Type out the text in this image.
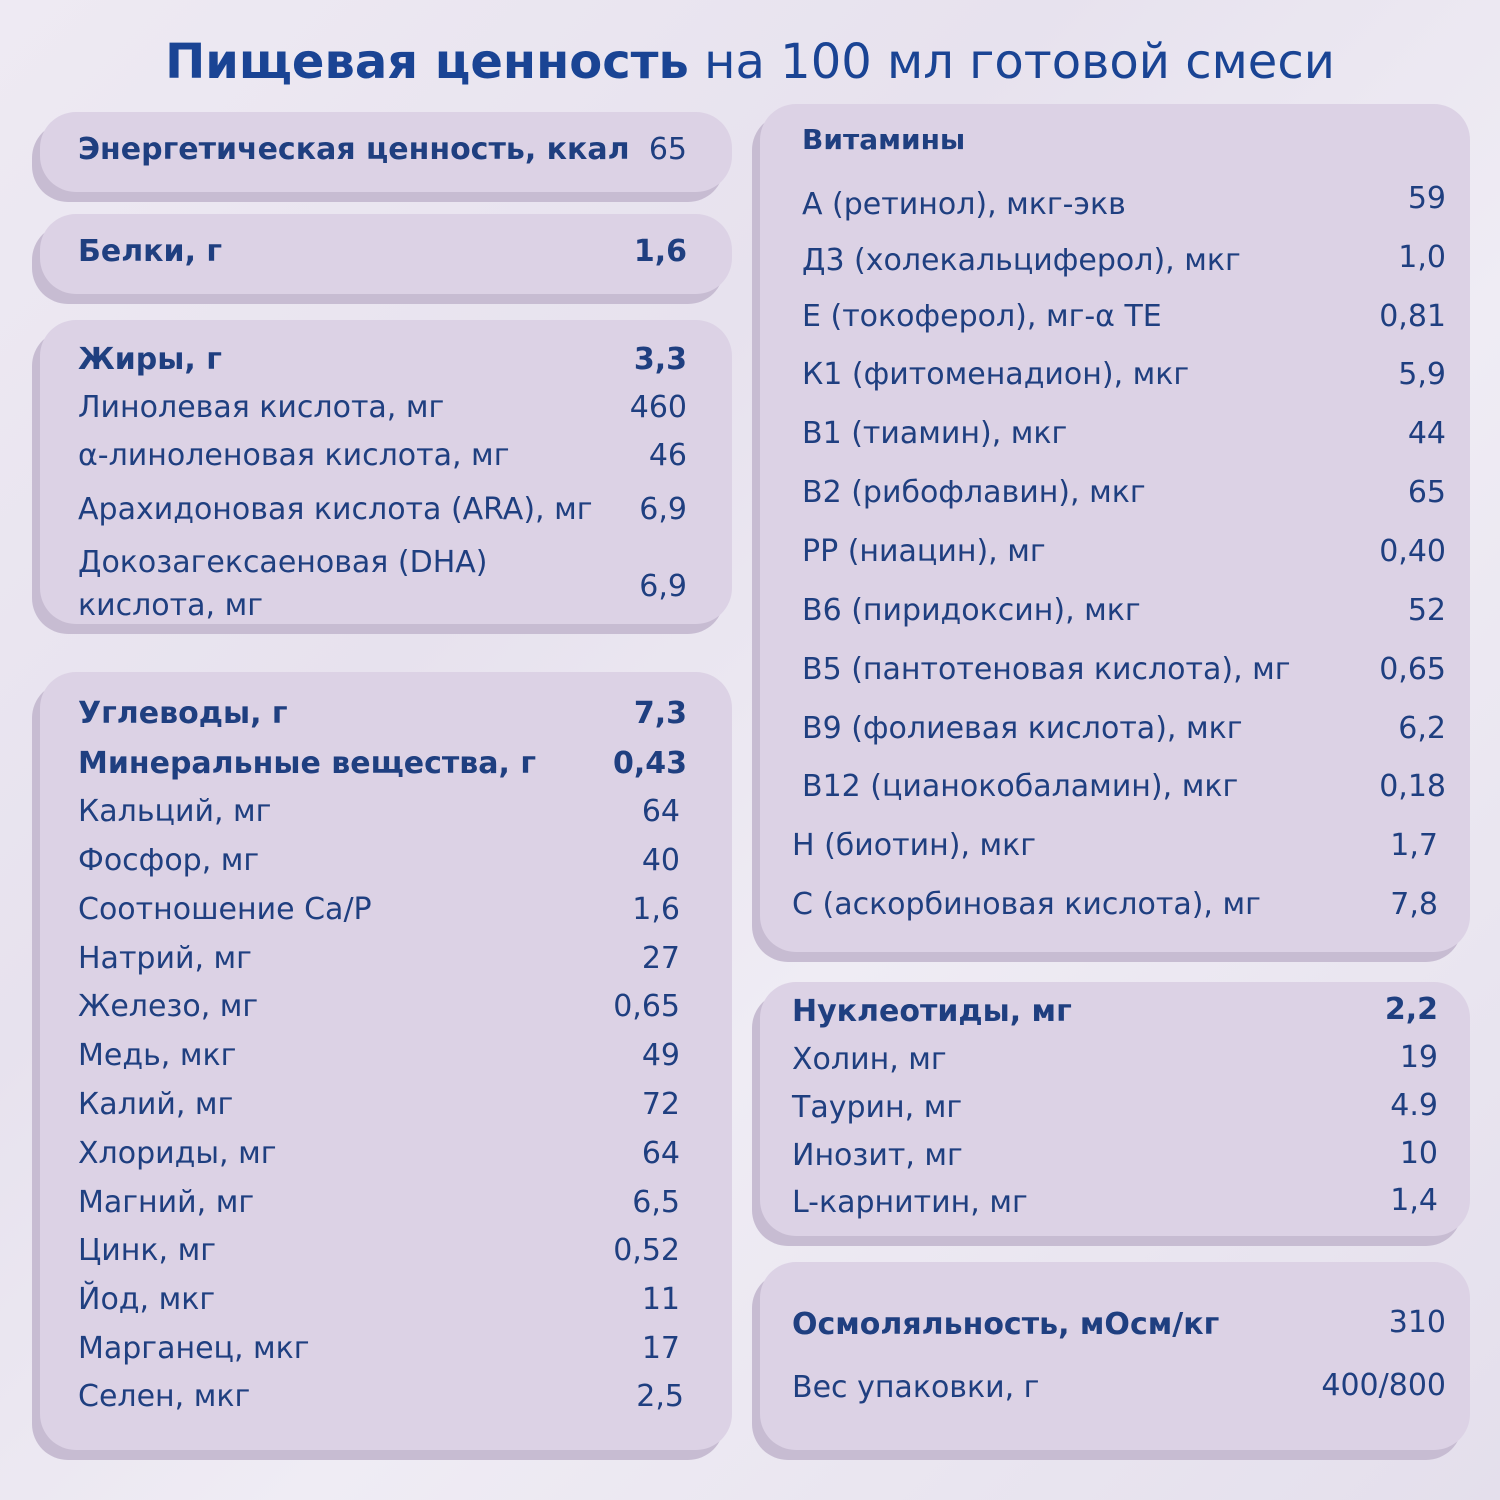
Пищевая ценность на 100 мл готовой смеси
Энергетическая ценность, ккал 65
Белки, г	1,6
Жиры, г	3,3
Линолевая кислота, мг	460
α-линоленовая кислота, мг	46
Арахидоновая кислота (ARA), мг 6,9
Докозагексаеновая (DHA)
кислота, мг
6,9
Углеводы, г	7,3
Минеральные вещества, г	0,43
Кальций, мг	64
Фосфор, мг	40
Соотношение Ca/P	1,6
Натрий, мг	27
Железо, мг	0,65
Медь, мкг	49
Калий, мг	72
Хлориды, мг	64
Магний, мг	6,5
Цинк, мг	0,52
Йод, мкг	11
Марганец, мкг	17
Селен, мкг	2,5
Витамины
А (ретинол), мкг-экв	59
Д3 (холекальциферол), мкг	1,0
Е (токоферол), мг-α ТЕ	0,81
К1 (фитоменадион), мкг	5,9
В1 (тиамин), мкг	44
В2 (рибофлавин), мкг	65
РР (ниацин), мг	0,40
В6 (пиридоксин), мкг	52
В5 (пантотеновая кислота), мг	0,65
В9 (фолиевая кислота), мкг	6,2
В12 (цианокобаламин), мкг	0,18
Н (биотин), мкг	1,7
С (аскорбиновая кислота), мг	7,8
Нуклеотиды, мг	2,2
Холин, мг	19
Таурин, мг	4.9
Инозит, мг	10
L-карнитин, мг	1,4
Осмоляльность, мОсм/кг	310
Вес упаковки, г	400/800
